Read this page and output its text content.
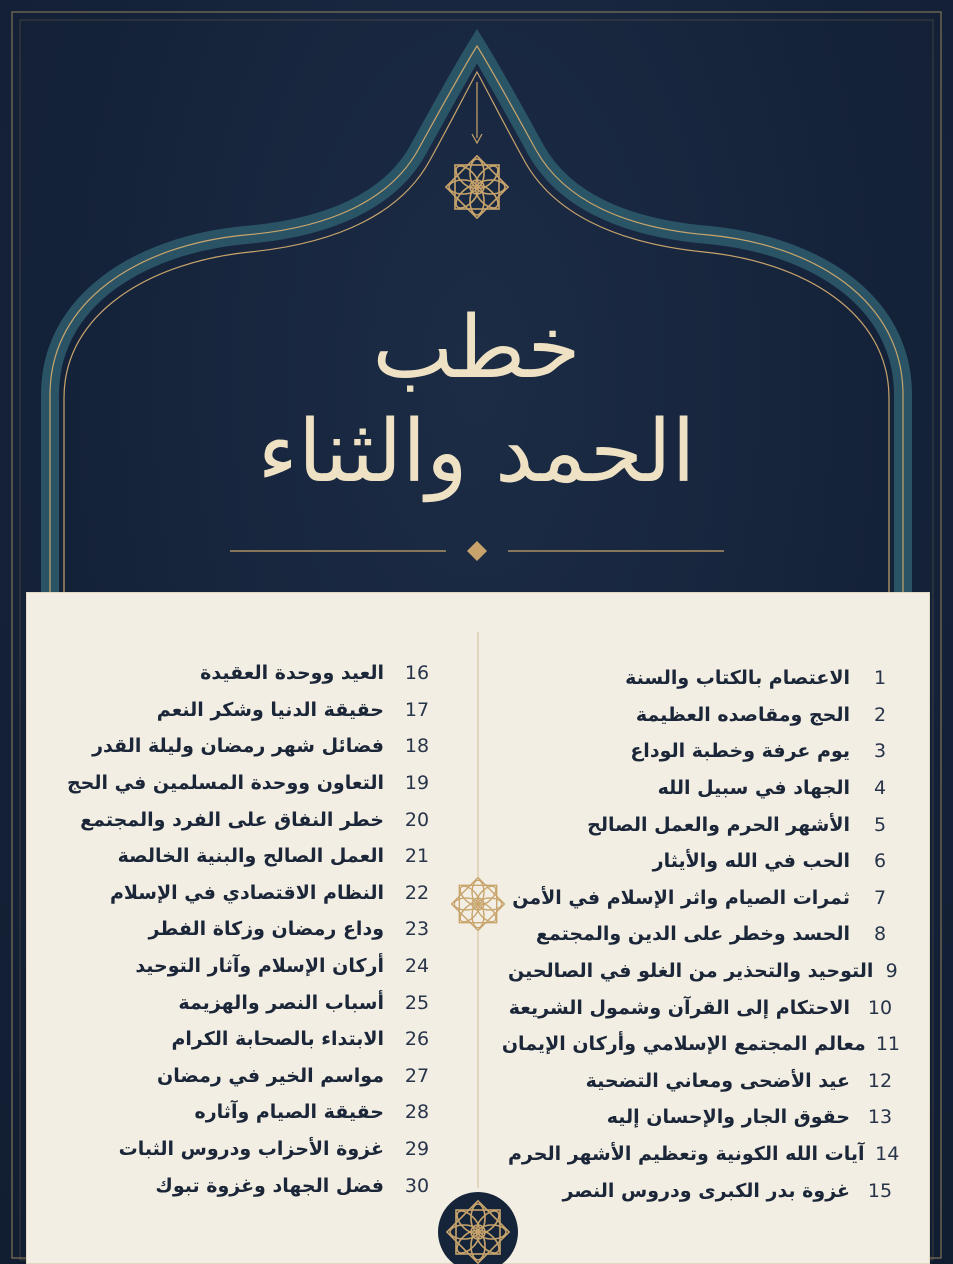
خطب
الحمد والثناء
1
الاعتصام بالكتاب والسنة
2
الحج ومقاصده العظيمة
3
يوم عرفة وخطبة الوداع
4
الجهاد في سبيل الله
5
الأشهر الحرم والعمل الصالح
6
الحب في الله والأيثار
7
ثمرات الصيام واثر الإسلام في الأمن
8
الحسد وخطر على الدين والمجتمع
9
التوحيد والتحذير من الغلو في الصالحين
10
الاحتكام إلى القرآن وشمول الشريعة
11
معالم المجتمع الإسلامي وأركان الإيمان
12
عيد الأضحى ومعاني التضحية
13
حقوق الجار والإحسان إليه
14
آيات الله الكونية وتعظيم الأشهر الحرم
15
غزوة بدر الكبرى ودروس النصر
16
العيد ووحدة العقيدة
17
حقيقة الدنيا وشكر النعم
18
فضائل شهر رمضان وليلة القدر
19
التعاون ووحدة المسلمين في الحج
20
خطر النفاق على الفرد والمجتمع
21
العمل الصالح والبنية الخالصة
22
النظام الاقتصادي في الإسلام
23
وداع رمضان وزكاة الفطر
24
أركان الإسلام وآثار التوحيد
25
أسباب النصر والهزيمة
26
الابتداء بالصحابة الكرام
27
مواسم الخير في رمضان
28
حقيقة الصيام وآثاره
29
غزوة الأحزاب ودروس الثبات
30
فضل الجهاد وغزوة تبوك
